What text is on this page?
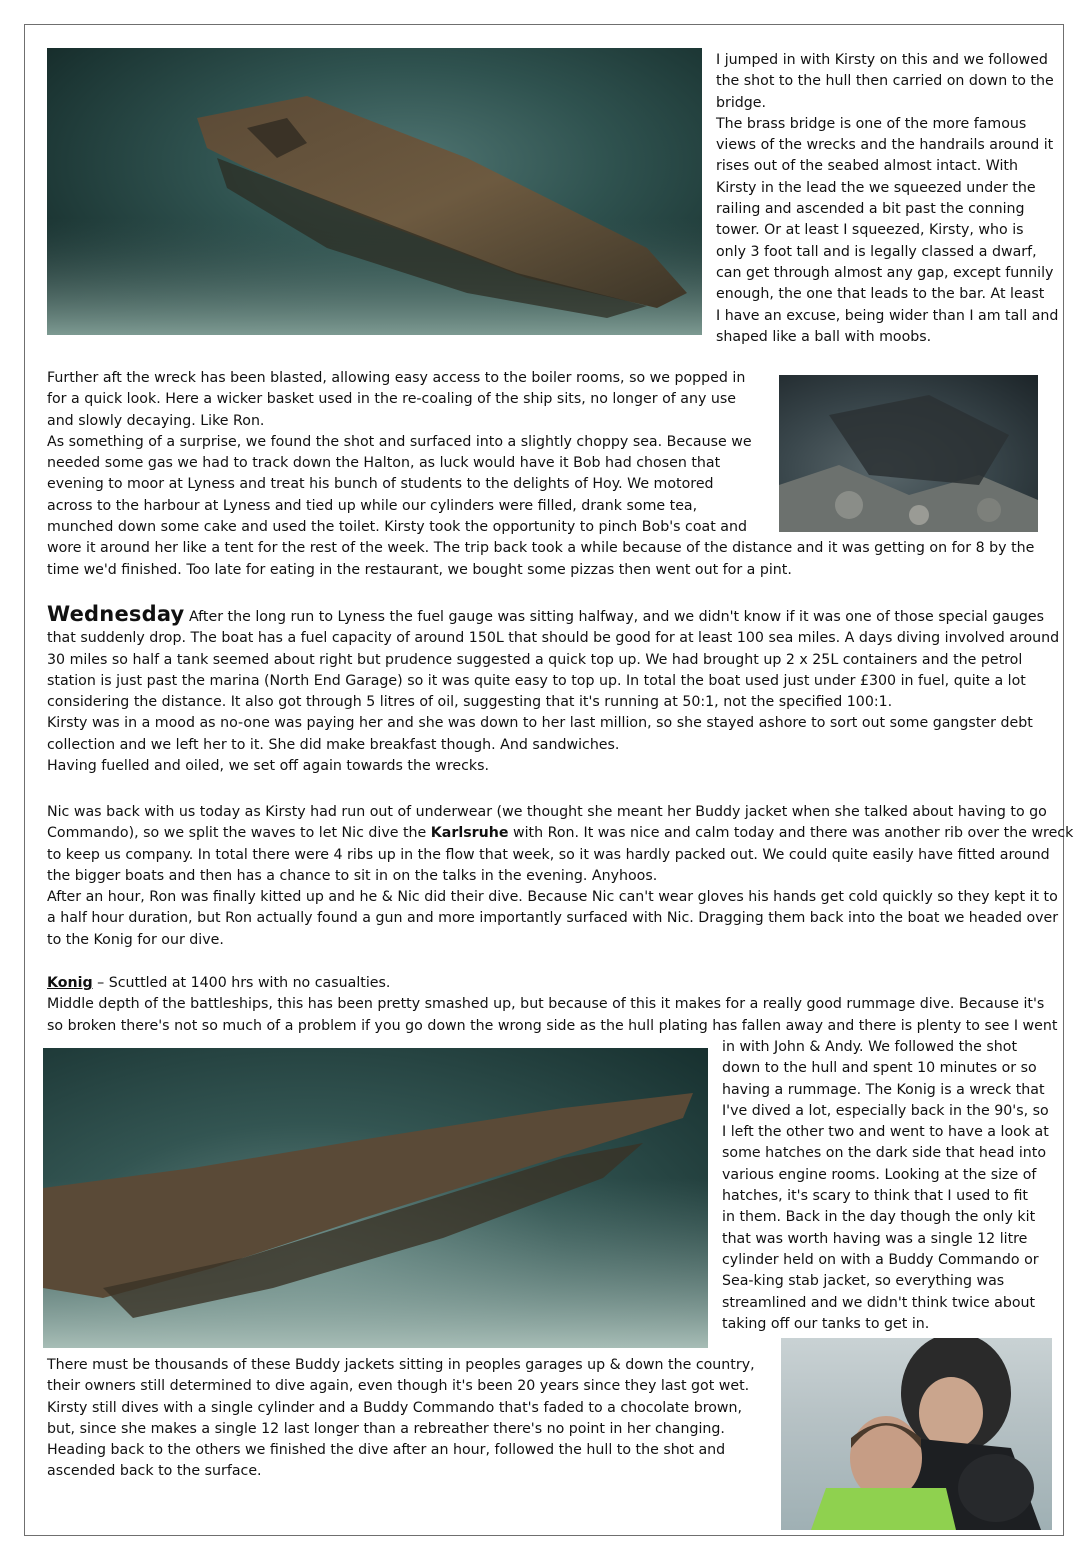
I jumped in with Kirsty on this and we followed
the shot to the hull then carried on down to the
bridge.
The brass bridge is one of the more famous
views of the wrecks and the handrails around it
rises out of the seabed almost intact. With
Kirsty in the lead the we squeezed under the
railing and ascended a bit past the conning
tower. Or at least I squeezed, Kirsty, who is
only 3 foot tall and is legally classed a dwarf,
can get through almost any gap, except funnily
enough, the one that leads to the bar. At least
I have an excuse, being wider than I am tall and
shaped like a ball with moobs.
Further aft the wreck has been blasted, allowing easy access to the boiler rooms, so we popped in
for a quick look. Here a wicker basket used in the re-coaling of the ship sits, no longer of any use
and slowly decaying. Like Ron.
As something of a surprise, we found the shot and surfaced into a slightly choppy sea. Because we
needed some gas we had to track down the Halton, as luck would have it Bob had chosen that
evening to moor at Lyness and treat his bunch of students to the delights of Hoy. We motored
across to the harbour at Lyness and tied up while our cylinders were filled, drank some tea,
munched down some cake and used the toilet. Kirsty took the opportunity to pinch Bob's coat and
wore it around her like a tent for the rest of the week. The trip back took a while because of the distance and it was getting on for 8 by the
time we'd finished. Too late for eating in the restaurant, we bought some pizzas then went out for a pint.
Wednesday After the long run to Lyness the fuel gauge was sitting halfway, and we didn't know if it was one of those special gauges
that suddenly drop. The boat has a fuel capacity of around 150L that should be good for at least 100 sea miles. A days diving involved around
30 miles so half a tank seemed about right but prudence suggested a quick top up. We had brought up 2 x 25L containers and the petrol
station is just past the marina (North End Garage) so it was quite easy to top up. In total the boat used just under £300 in fuel, quite a lot
considering the distance. It also got through 5 litres of oil, suggesting that it's running at 50:1, not the specified 100:1.
Kirsty was in a mood as no-one was paying her and she was down to her last million, so she stayed ashore to sort out some gangster debt
collection and we left her to it. She did make breakfast though. And sandwiches.
Having fuelled and oiled, we set off again towards the wrecks.
Nic was back with us today as Kirsty had run out of underwear (we thought she meant her Buddy jacket when she talked about having to go
Commando), so we split the waves to let Nic dive the Karlsruhe with Ron. It was nice and calm today and there was another rib over the wreck
to keep us company. In total there were 4 ribs up in the flow that week, so it was hardly packed out. We could quite easily have fitted around
the bigger boats and then has a chance to sit in on the talks in the evening. Anyhoos.
After an hour, Ron was finally kitted up and he & Nic did their dive. Because Nic can't wear gloves his hands get cold quickly so they kept it to
a half hour duration, but Ron actually found a gun and more importantly surfaced with Nic. Dragging them back into the boat we headed over
to the Konig for our dive.
Konig – Scuttled at 1400 hrs with no casualties.
Middle depth of the battleships, this has been pretty smashed up, but because of this it makes for a really good rummage dive. Because it's
so broken there's not so much of a problem if you go down the wrong side as the hull plating has fallen away and there is plenty to see I went
in with John & Andy. We followed the shot
down to the hull and spent 10 minutes or so
having a rummage. The Konig is a wreck that
I've dived a lot, especially back in the 90's, so
I left the other two and went to have a look at
some hatches on the dark side that head into
various engine rooms. Looking at the size of
hatches, it's scary to think that I used to fit
in them. Back in the day though the only kit
that was worth having was a single 12 litre
cylinder held on with a Buddy Commando or
Sea-king stab jacket, so everything was
streamlined and we didn't think twice about
taking off our tanks to get in.
There must be thousands of these Buddy jackets sitting in peoples garages up & down the country,
their owners still determined to dive again, even though it's been 20 years since they last got wet.
Kirsty still dives with a single cylinder and a Buddy Commando that's faded to a chocolate brown,
but, since she makes a single 12 last longer than a rebreather there's no point in her changing.
Heading back to the others we finished the dive after an hour, followed the hull to the shot and
ascended back to the surface.
